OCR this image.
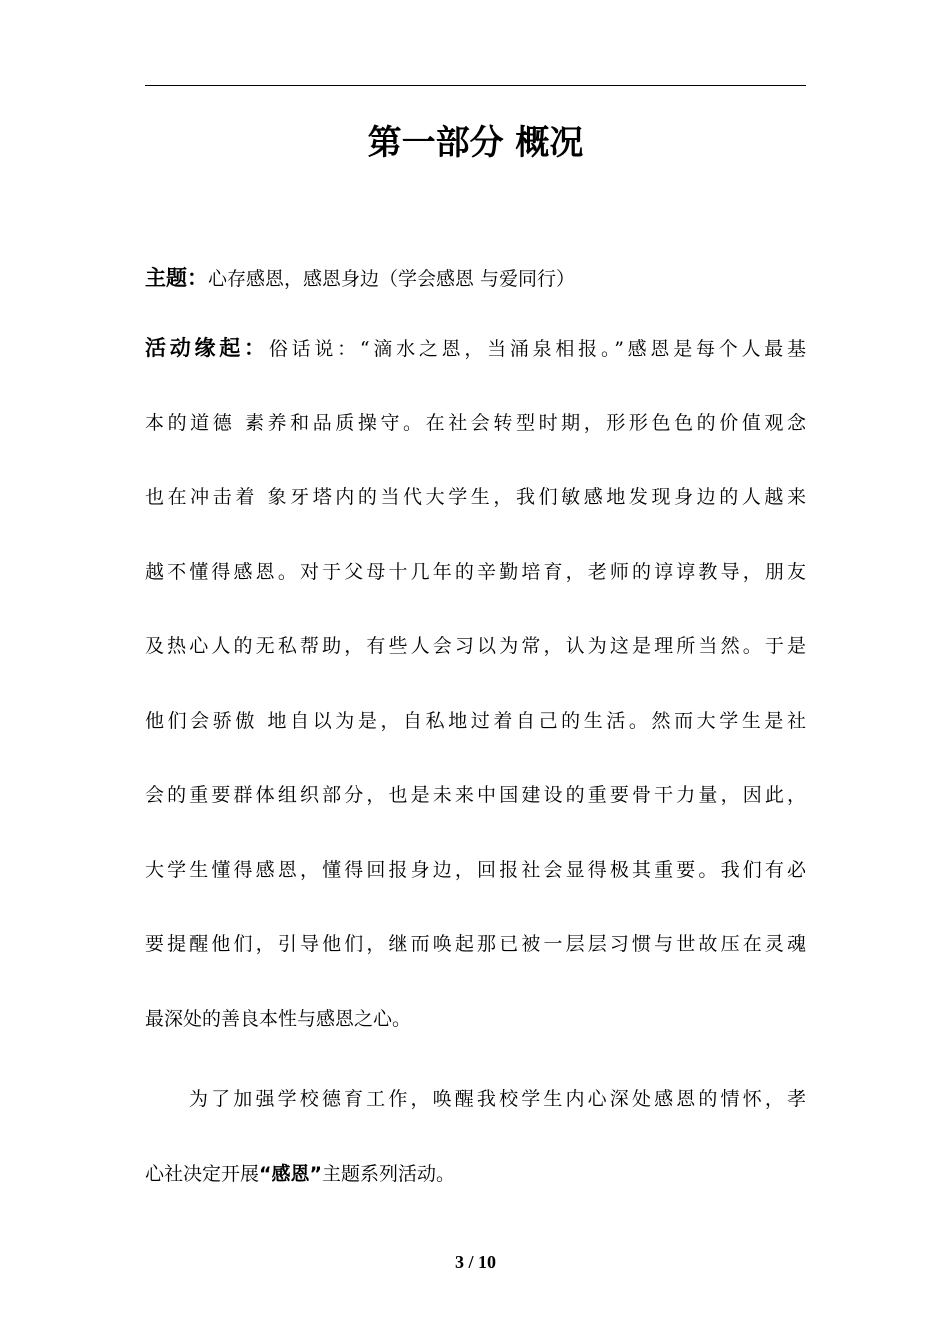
第一部分 概况
主题：心存感恩，感恩身边（学会感恩 与爱同行）
活动缘起：俗话说：“滴水之恩，当涌泉相报。”感恩是每个人最基
本的道德 素养和品质操守。在社会转型时期，形形色色的价值观念
也在冲击着 象牙塔内的当代大学生，我们敏感地发现身边的人越来
越不懂得感恩。对于父母十几年的辛勤培育，老师的谆谆教导，朋友
及热心人的无私帮助，有些人会习以为常，认为这是理所当然。于是
他们会骄傲 地自以为是，自私地过着自己的生活。然而大学生是社
会的重要群体组织部分，也是未来中国建设的重要骨干力量，因此，
大学生懂得感恩，懂得回报身边，回报社会显得极其重要。我们有必
要提醒他们，引导他们，继而唤起那已被一层层习惯与世故压在灵魂
最深处的善良本性与感恩之心。
为了加强学校德育工作，唤醒我校学生内心深处感恩的情怀，孝
心社决定开展“感恩”主题系列活动。
3 / 10
